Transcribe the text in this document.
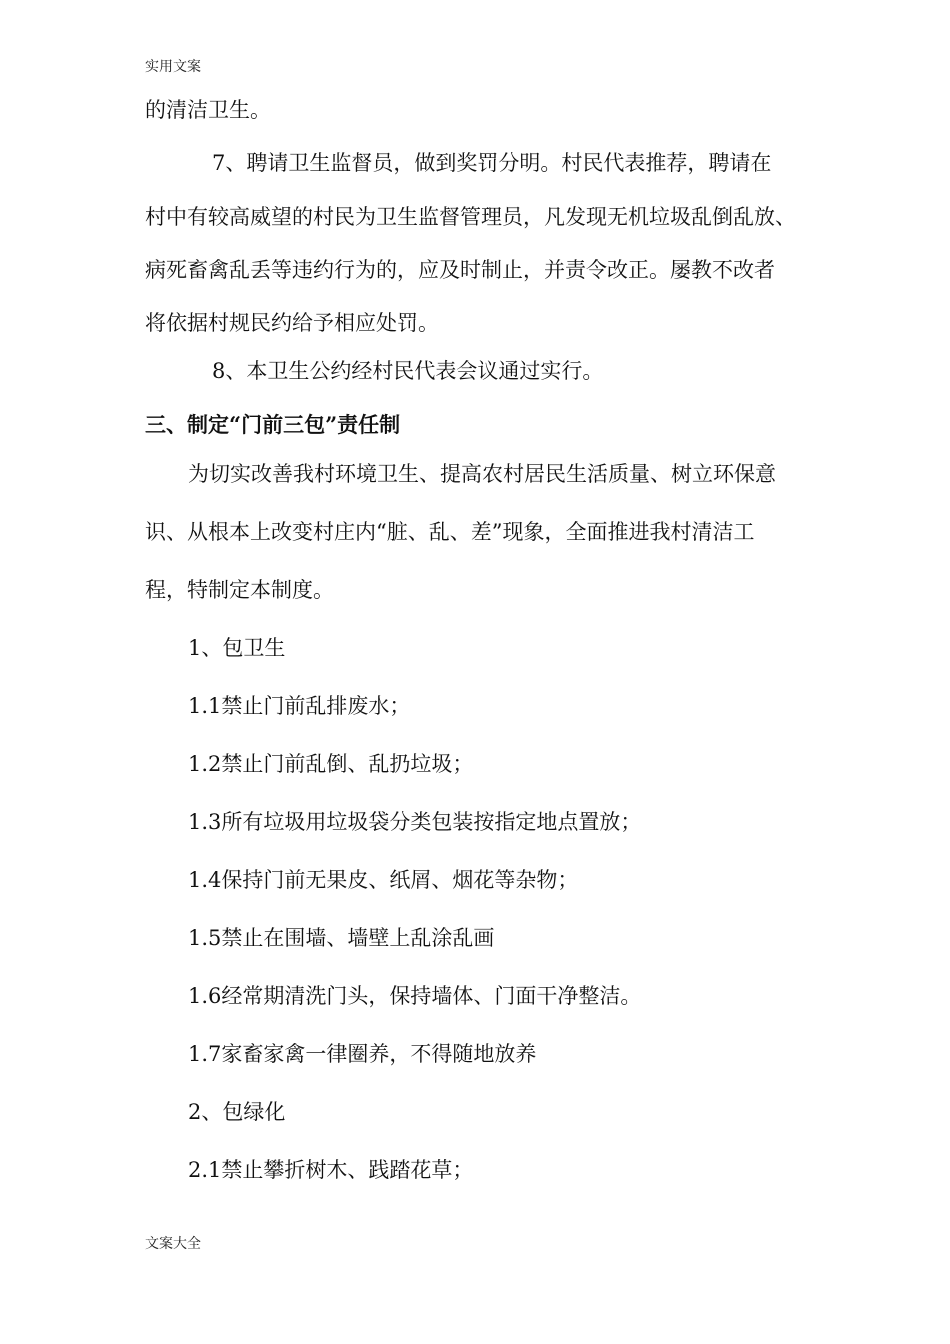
实用文案
的清洁卫生。
7、聘请卫生监督员，做到奖罚分明。村民代表推荐，聘请在
村中有较高威望的村民为卫生监督管理员，凡发现无机垃圾乱倒乱放、
病死畜禽乱丢等违约行为的，应及时制止，并责令改正。屡教不改者
将依据村规民约给予相应处罚。
8、本卫生公约经村民代表会议通过实行。
三、制定“门前三包”责任制
为切实改善我村环境卫生、提高农村居民生活质量、树立环保意
识、从根本上改变村庄内“脏、乱、差”现象，全面推进我村清洁工
程，特制定本制度。
1、包卫生
1.1禁止门前乱排废水；
1.2禁止门前乱倒、乱扔垃圾；
1.3所有垃圾用垃圾袋分类包装按指定地点置放；
1.4保持门前无果皮、纸屑、烟花等杂物；
1.5禁止在围墙、墙壁上乱涂乱画
1.6经常期清洗门头，保持墙体、门面干净整洁。
1.7家畜家禽一律圈养，不得随地放养
2、包绿化
2.1禁止攀折树木、践踏花草；
文案大全
